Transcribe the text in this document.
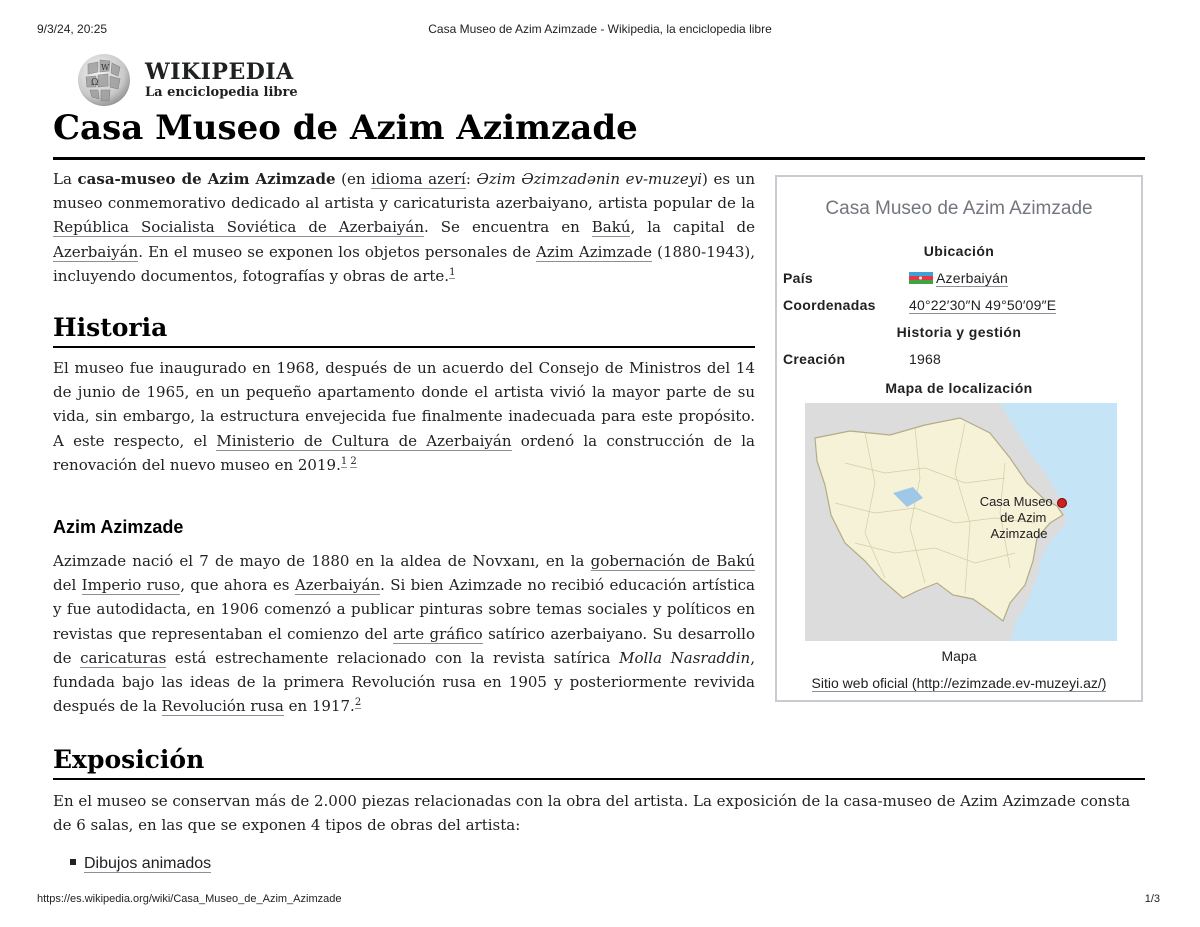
9/3/24, 20:25	Casa Museo de Azim Azimzade - Wikipedia, la enciclopedia libre
https://es.wikipedia.org/wiki/Casa_Museo_de_Azim_Azimzade	1/3
Ω
W WIKIPEDIA
La enciclopedia libre
Casa Museo de Azim Azimzade

La casa-museo de Azim Azimzade (en idioma azerí: Əzim Əzimzadənin ev-muzeyi) es un museo conmemorativo dedicado al artista y caricaturista azerbaiyano, artista popular de la República Socialista Soviética de Azerbaiyán. Se encuentra en Bakú, la capital de Azerbaiyán. En el museo se exponen los objetos personales de Azim Azimzade (1880-1943), incluyendo documentos, fotografías y obras de arte.$^1$

Historia

El museo fue inaugurado en 1968, después de un acuerdo del Consejo de Ministros del 14 de junio de 1965, en un pequeño apartamento donde el artista vivió la mayor parte de su vida, sin embargo, la estructura envejecida fue finalmente inadecuada para este propósito. A este respecto, el Ministerio de Cultura de Azerbaiyán ordenó la construcción de la renovación del nuevo museo en 2019.$^{1 2}$

Azim Azimzade

Azimzade nació el 7 de mayo de 1880 en la aldea de Novxanı, en la gobernación de Bakú del Imperio ruso, que ahora es Azerbaiyán. Si bien Azimzade no recibió educación artística y fue autodidacta, en 1906 comenzó a publicar pinturas sobre temas sociales y políticos en revistas que representaban el comienzo del arte gráfico satírico azerbaiyano. Su desarrollo de caricaturas está estrechamente relacionado con la revista satírica Molla Nasraddin, fundada bajo las ideas de la primera Revolución rusa en 1905 y posteriormente revivida después de la Revolución rusa en 1917.$^2$

Exposición

En el museo se conservan más de 2.000 piezas relacionadas con la obra del artista. La exposición de la casa-museo de Azim Azimzade consta de 6 salas, en las que se exponen 4 tipos de obras del artista:

Dibujos animados
Casa Museo de Azim Azimzade
Ubicación
País	Azerbaiyán
Coordenadas 40°22′30″N 49°50′09″E
Historia y gestión
Creación	1968
Mapa de localización
Casa Museo de Azim Azimzade
Mapa
Sitio web oficial (http://ezimzade.ev-muzeyi.az/)
